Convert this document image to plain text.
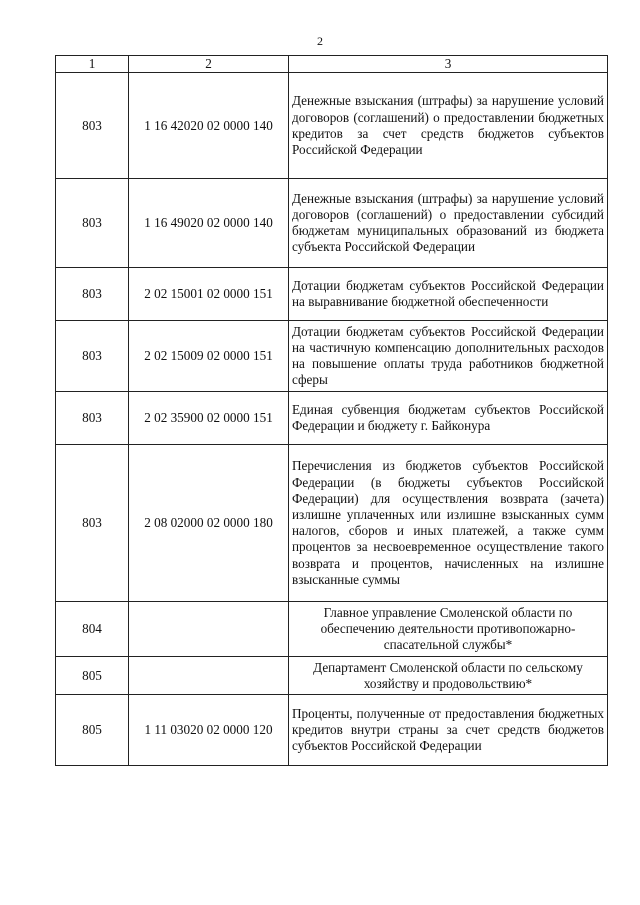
2
1	2	3
803	1 16 42020 02 0000 140	Денежные взыскания (штрафы) за нарушение условий договоров (соглашений) о предоставлении бюджетных кредитов за счет средств бюджетов субъектов Российской Федерации
803	1 16 49020 02 0000 140	Денежные взыскания (штрафы) за нарушение условий договоров (соглашений) о предоставлении субсидий бюджетам муниципальных образований из бюджета субъекта Российской Федерации
803	2 02 15001 02 0000 151	Дотации бюджетам субъектов Российской Федерации на выравнивание бюджетной обеспеченности
803	2 02 15009 02 0000 151	Дотации бюджетам субъектов Российской Федерации на частичную компенсацию дополнительных расходов на повышение оплаты труда работников бюджетной сферы
803	2 02 35900 02 0000 151	Единая субвенция бюджетам субъектов Российской Федерации и бюджету г. Байконура
803	2 08 02000 02 0000 180	Перечисления из бюджетов субъектов Российской Федерации (в бюджеты субъектов Российской Федерации) для осуществления возврата (зачета) излишне уплаченных или излишне взысканных сумм налогов, сборов и иных платежей, а также сумм процентов за несвоевременное осуществление такого возврата и процентов, начисленных на излишне взысканные суммы
804		Главное управление Смоленской области по обеспечению деятельности противопожарно-спасательной службы*
805		Департамент Смоленской области по сельскому хозяйству и продовольствию*
805	1 11 03020 02 0000 120	Проценты, полученные от предоставления бюджетных кредитов внутри страны за счет средств бюджетов субъектов Российской Федерации
